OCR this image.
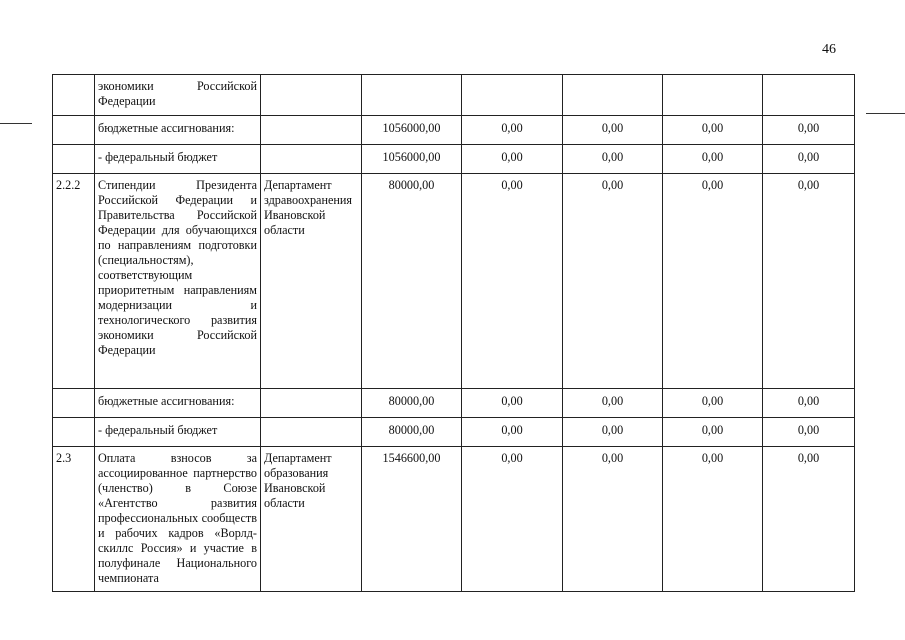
46
	экономики Российской Федерации						
	бюджетные ассигнования:		1056000,00	0,00	0,00	0,00	0,00
	- федеральный бюджет		1056000,00	0,00	0,00	0,00	0,00
2.2.2	Стипендии Президента Российской Федерации и Правительства Российской Федерации для обучающихся по направлениям подготовки (специальностям), соответствующим приоритетным направлениям модернизации и технологического развития экономики Российской Федерации	Департамент здравоохранения Ивановской области	80000,00	0,00	0,00	0,00	0,00
	бюджетные ассигнования:		80000,00	0,00	0,00	0,00	0,00
	- федеральный бюджет		80000,00	0,00	0,00	0,00	0,00
2.3	Оплата взносов за ассоциированное партнерство (членство) в Союзе «Агентство развития профессиональных сообществ и рабочих кадров «Ворлд-скиллс Россия» и участие в полуфинале Национального чемпионата	Департамент образования Ивановской области	1546600,00	0,00	0,00	0,00	0,00
